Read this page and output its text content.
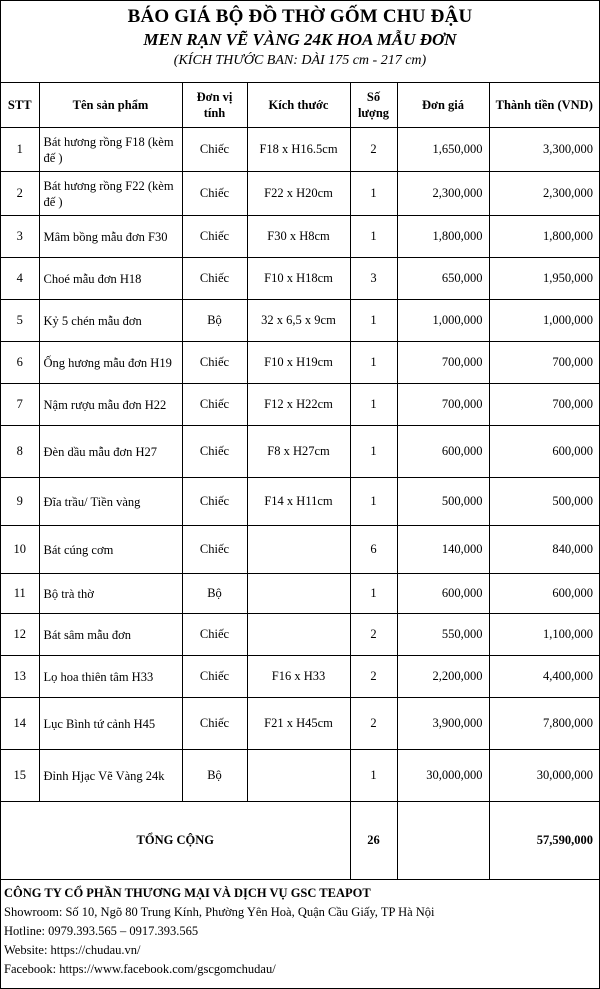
BÁO GIÁ BỘ ĐỒ THỜ GỐM CHU ĐẬU
MEN RẠN VẼ VÀNG 24K HOA MẪU ĐƠN
(KÍCH THƯỚC BAN: DÀI 175 cm - 217 cm)
STT	Tên sản phẩm	Đơn vị tính	Kích thước	Số lượng	Đơn giá	Thành tiền (VND)
1	Bát hương rồng F18 (kèm đế )	Chiếc	F18 x H16.5cm	2	1,650,000	3,300,000
2	Bát hương rồng F22 (kèm đế )	Chiếc	F22 x H20cm	1	2,300,000	2,300,000
3	Mâm bồng mẫu đơn F30	Chiếc	F30 x H8cm	1	1,800,000	1,800,000
4	Choé mẫu đơn H18	Chiếc	F10 x H18cm	3	650,000	1,950,000
5	Kỷ 5 chén mẫu đơn	Bộ	32 x 6,5 x 9cm	1	1,000,000	1,000,000
6	Ống hương mẫu đơn H19	Chiếc	F10 x H19cm	1	700,000	700,000
7	Nậm rượu mẫu đơn H22	Chiếc	F12 x H22cm	1	700,000	700,000
8	Đèn dầu mẫu đơn H27	Chiếc	F8 x H27cm	1	600,000	600,000
9	Đĩa trầu/ Tiền vàng	Chiếc	F14 x H11cm	1	500,000	500,000
10	Bát cúng cơm	Chiếc		6	140,000	840,000
11	Bộ trà thờ	Bộ		1	600,000	600,000
12	Bát sâm mẫu đơn	Chiếc		2	550,000	1,100,000
13	Lọ hoa thiên tâm H33	Chiếc	F16 x H33	2	2,200,000	4,400,000
14	Lục Bình tứ cảnh H45	Chiếc	F21 x H45cm	2	3,900,000	7,800,000
15	Đỉnh Hjạc Vẽ Vàng 24k	Bộ		1	30,000,000	30,000,000
TỔNG CỘNG				26		57,590,000
CÔNG TY CỔ PHẦN THƯƠNG MẠI VÀ DỊCH VỤ GSC TEAPOT
Showroom: Số 10, Ngõ 80 Trung Kính, Phường Yên Hoà, Quận Cầu Giấy, TP Hà Nội
Hotline: 0979.393.565 – 0917.393.565
Website: https://chudau.vn/
Facebook: https://www.facebook.com/gscgomchudau/
